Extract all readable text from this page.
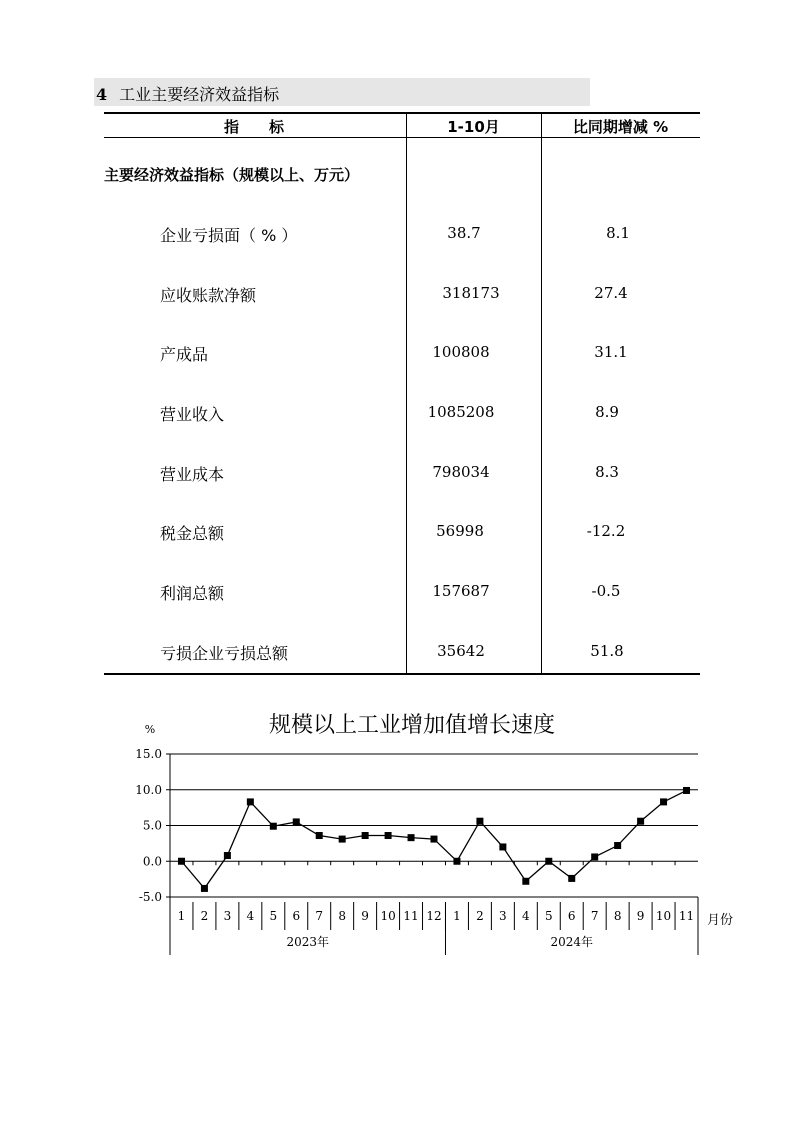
4 工业主要经济效益指标
指　　标	1-10月	比同期增减 %
主要经济效益指标（规模以上、万元）
企业亏损面（ % ）	38.7	8.1
应收账款净额	318173	27.4
产成品	100808	31.1
营业收入	1085208	8.9
营业成本	798034	8.3
税金总额	56998	-12.2
利润总额	157687	-0.5
亏损企业亏损总额	35642	51.8
规模以上工业增加值增长速度
%
月份
15.0
10.0
5.0
0.0
-5.0
2023年	2024年
1 2 3 4 5 6 7 8 9 10 11 12 1 2 3 4 5 6 7 8 9 10 11
